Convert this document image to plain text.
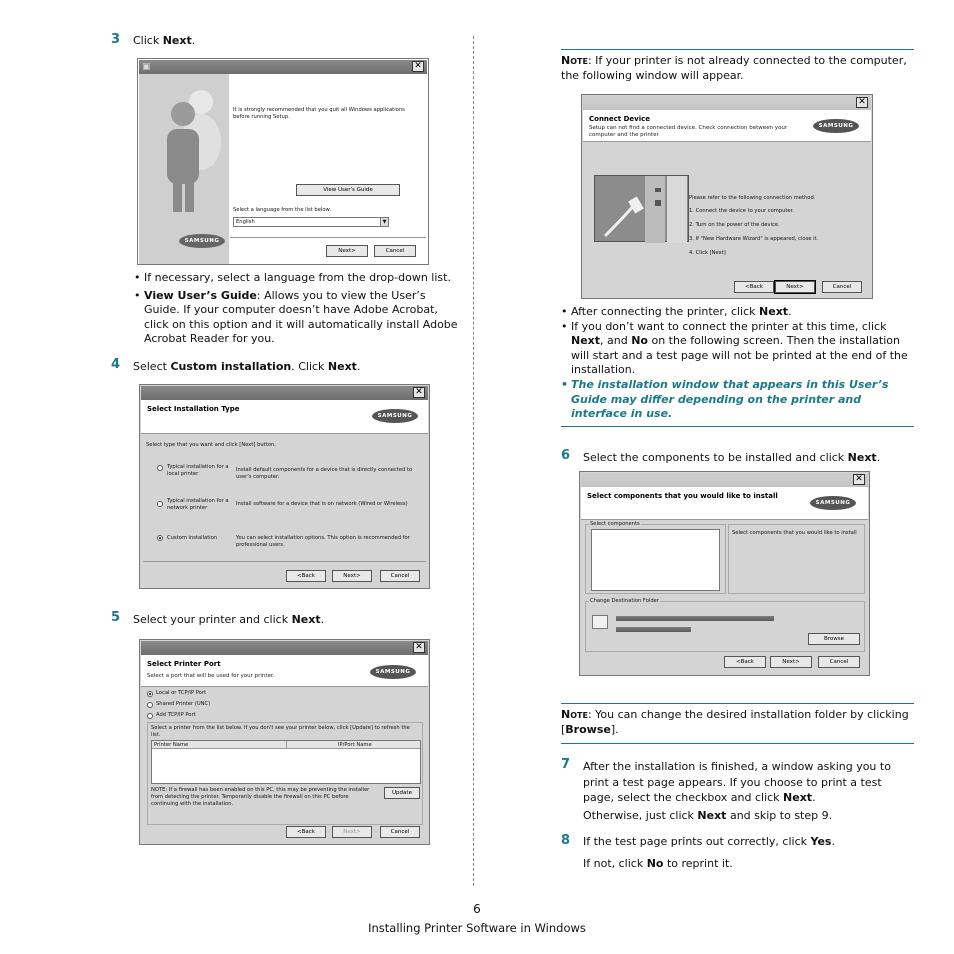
3 Click Next.
▣	✕
SAMSUNG
It is strongly recommended that you quit all Windows applications before running Setup.
View User's Guide
Select a language from the list below.
English	▼
Next>	Cancel
• If necessary, select a language from the drop-down list.
• View User’s Guide: Allows you to view the User’s Guide. If your computer doesn’t have Adobe Acrobat, click on this option and it will automatically install Adobe Acrobat Reader for you.
4 Select Custom installation. Click Next.
✕
Select Installation Type
SAMSUNG
Select type that you want and click [Next] button.
Typical installation for a local printer
Install default components for a device that is directly connected to user's computer.
Typical installation for a network printer
Install software for a device that is on network (Wired or Wireless)
Custom installation	You can select installation options. This option is recommended for professional users.
<Back	Next>	Cancel
5 Select your printer and click Next.
✕
Select Printer Port
Select a port that will be used for your printer.
SAMSUNG
Local or TCP/IP Port
Shared Printer (UNC)
Add TCP/IP Port
Select a printer from the list below. If you don't see your printer below, click [Update] to refresh the list.
Printer Name	IP/Port Name
NOTE: If a firewall has been enabled on this PC, this may be preventing the installer from detecting the printer. Temporarily disable the firewall on this PC before continuing with the installation.
Update
<Back	Next>	Cancel
Note: If your printer is not already connected to the computer, the following window will appear.
✕
Connect Device
Setup can not find a connected device. Check connection between your computer and the printer
SAMSUNG
Please refer to the following connection method.
1. Connect the device to your computer.
2. Turn on the power of the device.
3. If "New Hardware Wizard" is appeared, close it.
4. Click [Next]
<Back	Next>	Cancel
• After connecting the printer, click Next.
• If you don’t want to connect the printer at this time, click Next, and No on the following screen. Then the installation will start and a test page will not be printed at the end of the installation.
• The installation window that appears in this User’s Guide may differ depending on the printer and interface in use.
6 Select the components to be installed and click Next.
✕
Select components that you would like to install
SAMSUNG
Select components
Select components that you would like to install
Change Destination Folder
Browse
<Back	Next>	Cancel
Note: You can change the desired installation folder by clicking [Browse].
7 After the installation is finished, a window asking you to print a test page appears. If you choose to print a test page, select the checkbox and click Next.
Otherwise, just click Next and skip to step 9.
8 If the test page prints out correctly, click Yes.
If not, click No to reprint it.
6
Installing Printer Software in Windows
